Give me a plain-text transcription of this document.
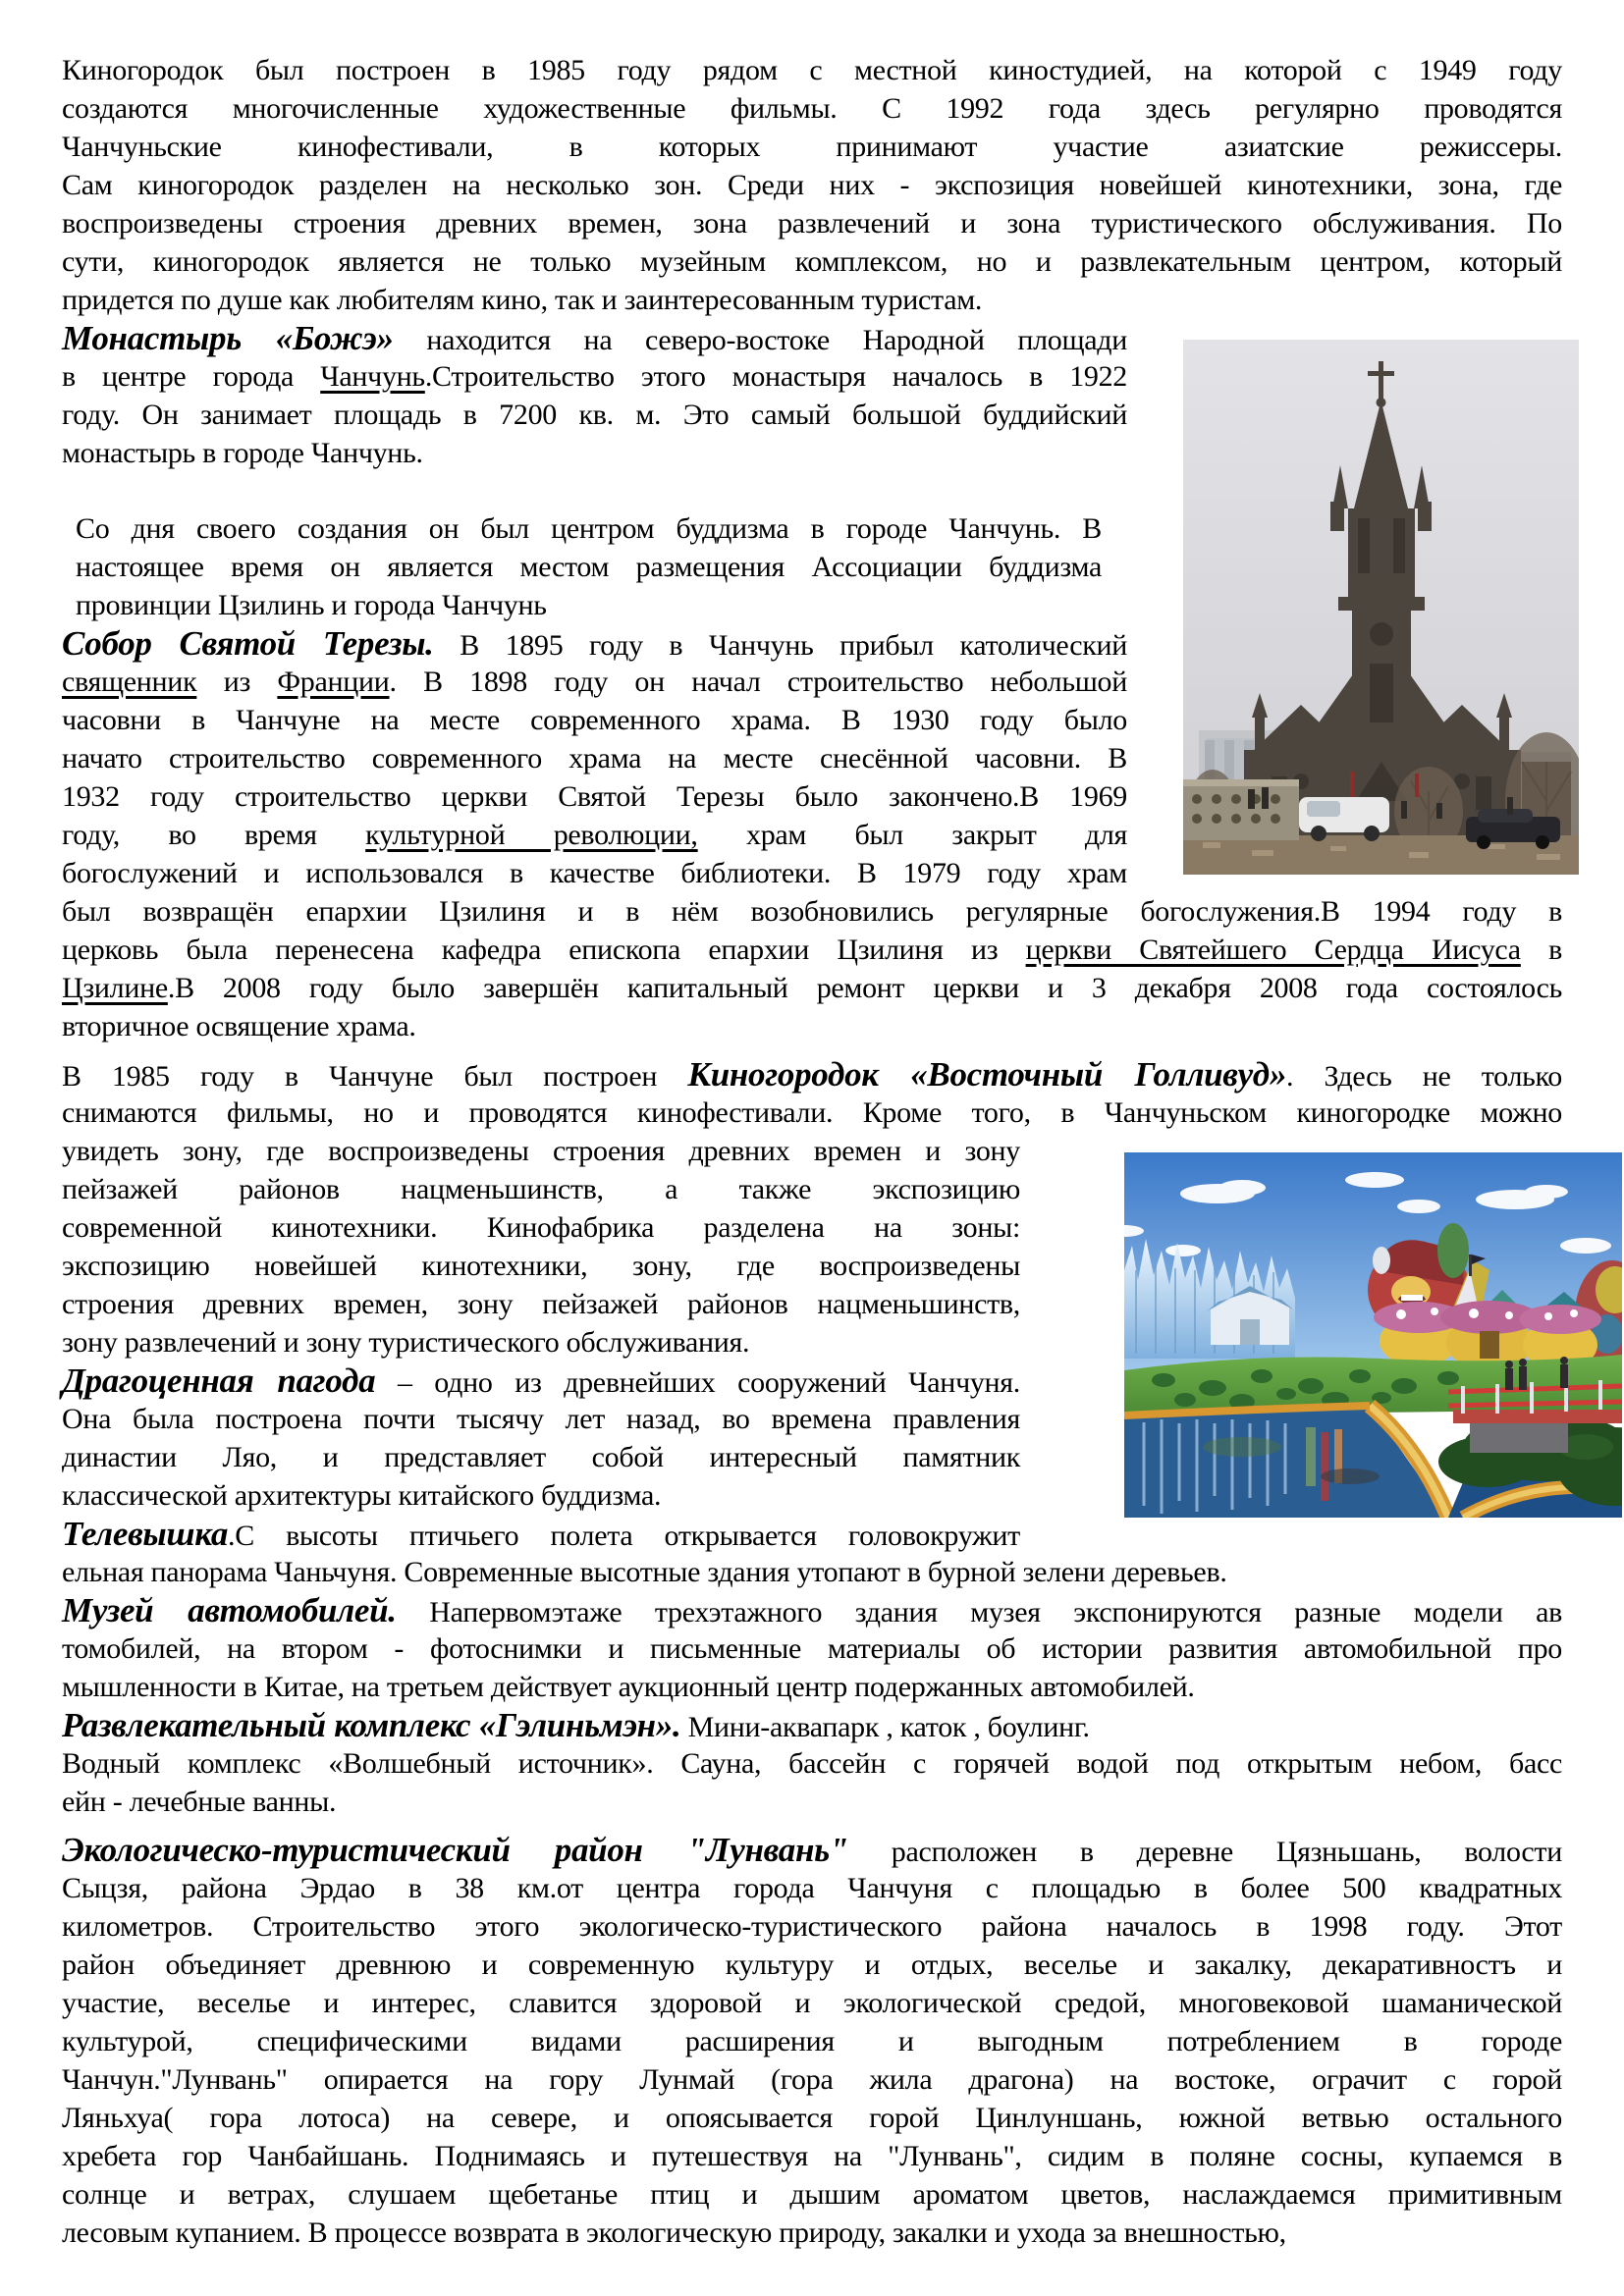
Киногородок был построен в 1985 году рядом с местной киностудией, на которой с 1949 году
создаются многочисленные художественные фильмы. С 1992 года здесь регулярно проводятся
Чанчуньские кинофестивали, в которых принимают участие азиатские режиссеры.
Сам киногородок разделен на несколько зон. Среди них - экспозиция новейшей кинотехники, зона, где
воспроизведены строения древних времен, зона развлечений и зона туристического обслуживания. По
сути, киногородок является не только музейным комплексом, но и развлекательным центром, который
придется по душе как любителям кино, так и заинтересованным туристам.
Монастырь «Божэ» находится на северо-востоке Народной площади
в центре города Чанчунь.Строительство этого монастыря началось в 1922
году. Он занимает площадь в 7200 кв. м. Это самый большой буддийский
монастырь в городе Чанчунь.
Со дня своего создания он был центром буддизма в городе Чанчунь. В
настоящее время он является местом размещения Ассоциации буддизма
провинции Цзилинь и города Чанчунь
Собор Святой Терезы. В 1895 году в Чанчунь прибыл католический
священник из Франции. В 1898 году он начал строительство небольшой
часовни в Чанчуне на месте современного храма. В 1930 году было
начато строительство современного храма на месте снесённой часовни. В
1932 году строительство церкви Святой Терезы было закончено.В 1969
году, во время культурной революции, храм был закрыт для
богослужений и использовался в качестве библиотеки. В 1979 году храм
был возвращён епархии Цзилиня и в нём возобновились регулярные богослужения.В 1994 году в
церковь была перенесена кафедра епископа епархии Цзилиня из церкви Святейшего Сердца Иисуса в
Цзилине.В 2008 году было завершён капитальный ремонт церкви и 3 декабря 2008 года состоялось
вторичное освящение храма.
В 1985 году в Чанчуне был построен Киногородок «Восточный Голливуд». Здесь не только
снимаются фильмы, но и проводятся кинофестивали. Кроме того, в Чанчуньском киногородке можно
увидеть зону, где воспроизведены строения древних времен и зону
пейзажей районов нацменьшинств, а также экспозицию
современной кинотехники. Кинофабрика разделена на зоны:
экспозицию новейшей кинотехники, зону, где воспроизведены
строения древних времен, зону пейзажей районов нацменьшинств,
зону развлечений и зону туристического обслуживания.
Драгоценная пагода – одно из древнейших сооружений Чанчуня.
Она была построена почти тысячу лет назад, во времена правления
династии Ляо, и представляет собой интересный памятник
классической архитектуры китайского буддизма.
Телевышка.С высоты птичьего полета открывается головокружит
ельная панорама Чаньчуня. Современные высотные здания утопают в бурной зелени деревьев.
Музей автомобилей. Напервомэтаже трехэтажного здания музея экспонируются разные модели ав
томобилей, на втором - фотоснимки и письменные материалы об истории развития автомобильной про
мышленности в Китае, на третьем действует аукционный центр подержанных автомобилей.
Развлекательный комплекс «Гэлиньмэн». Мини-аквапарк , каток , боулинг.
Водный комплекс «Волшебный источник». Сауна, бассейн с горячей водой под открытым небом, басс
ейн - лечебные ванны.
Экологическо-туристический район "Лунвань" расположен в деревне Цязньшань, волости
Сыцзя, района Эрдао в 38 км.от центра города Чанчуня с площадью в более 500 квадратных
километров. Строительство этого экологическо-туристического района началось в 1998 году. Этот
район объединяет древнюю и современную культуру и отдых, веселье и закалку, декаративностъ и
участие, веселье и интерес, славится здоровой и экологической средой, многовековой шаманической
культурой, специфическими видами расширения и выгодным потреблением в городе
Чанчун."Лунвань" опирается на гору Лунмай (гора жила драгона) на востоке, ограчит с горой
Ляньхуа( гора лотоса) на севере, и опоясывается горой Цинлуншань, южной ветвью остального
хребета гор Чанбайшань. Поднимаясь и путешествуя на "Лунвань", сидим в поляне сосны, купаемся в
солнце и ветрах, слушаем щебетанье птиц и дышим ароматом цветов, наслаждаемся примитивным
лесовым купанием. В процессе возврата в экологическую природу, закалки и ухода за внешностью,
